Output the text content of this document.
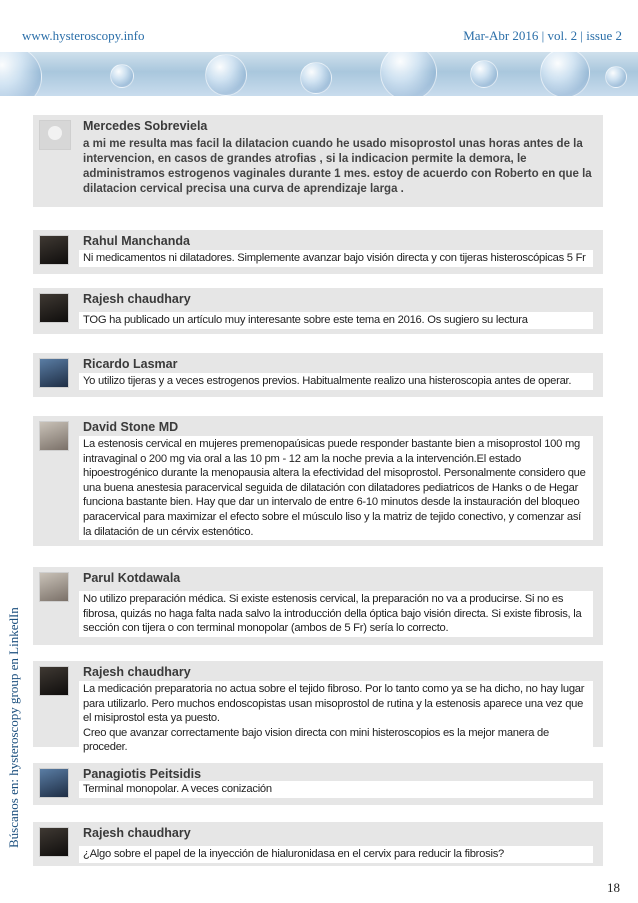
www.hysteroscopy.info	Mar-Abr 2016 | vol. 2 | issue 2
Mercedes Sobreviela
a mi me resulta mas facil la dilatacion cuando he usado misoprostol unas horas antes de la intervencion, en casos de grandes atrofias , si la indicacion permite la demora, le administramos estrogenos vaginales durante 1 mes. estoy de acuerdo con Roberto en que la dilatacion cervical precisa una curva de aprendizaje larga .
Rahul Manchanda
Ni medicamentos ni dilatadores. Simplemente avanzar bajo visión directa y con tijeras histeroscópicas 5 Fr
Rajesh chaudhary
TOG ha publicado un artículo muy interesante sobre este tema en 2016. Os sugiero su lectura
Ricardo Lasmar
Yo utilizo tijeras y a veces estrogenos previos. Habitualmente realizo una histeroscopia antes de operar.
David Stone MD
La estenosis cervical en mujeres premenopaúsicas puede responder bastante bien a misoprostol 100 mg intravaginal o 200 mg via oral a las 10 pm - 12 am la noche previa a la intervención.El estado hipoestrogénico durante la menopausia altera la efectividad del misoprostol. Personalmente considero que una buena anestesia paracervical seguida de dilatación con dilatadores pediatricos de Hanks o de Hegar funciona bastante bien. Hay que dar un intervalo de entre 6-10 minutos desde la instauración del bloqueo paracervical para maximizar el efecto sobre el músculo liso y la matriz de tejido conectivo, y comenzar así la dilatación de un cérvix estenótico.
Parul Kotdawala
No utilizo preparación médica. Si existe estenosis cervical, la preparación no va a producirse. Si no es fibrosa, quizás no haga falta nada salvo la introducción della óptica bajo visión directa. Si existe fibrosis, la sección con tijera o con terminal monopolar (ambos de 5 Fr) sería lo correcto.
Rajesh chaudhary
La medicación preparatoria no actua sobre el tejido fibroso. Por lo tanto como ya se ha dicho, no hay lugar para utilizarlo. Pero muchos endoscopistas usan misoprostol de rutina y la estenosis aparece una vez que el misiprostol esta ya puesto.
Creo que avanzar correctamente bajo vision directa con mini histeroscopios es la mejor manera de proceder.
Panagiotis Peitsidis
Terminal monopolar. A veces conización
Rajesh chaudhary
¿Algo sobre el papel de la inyección de hialuronidasa en el cervix para reducir la fibrosis?
Búscanos en: hysteroscopy group en LinkedIn
18
